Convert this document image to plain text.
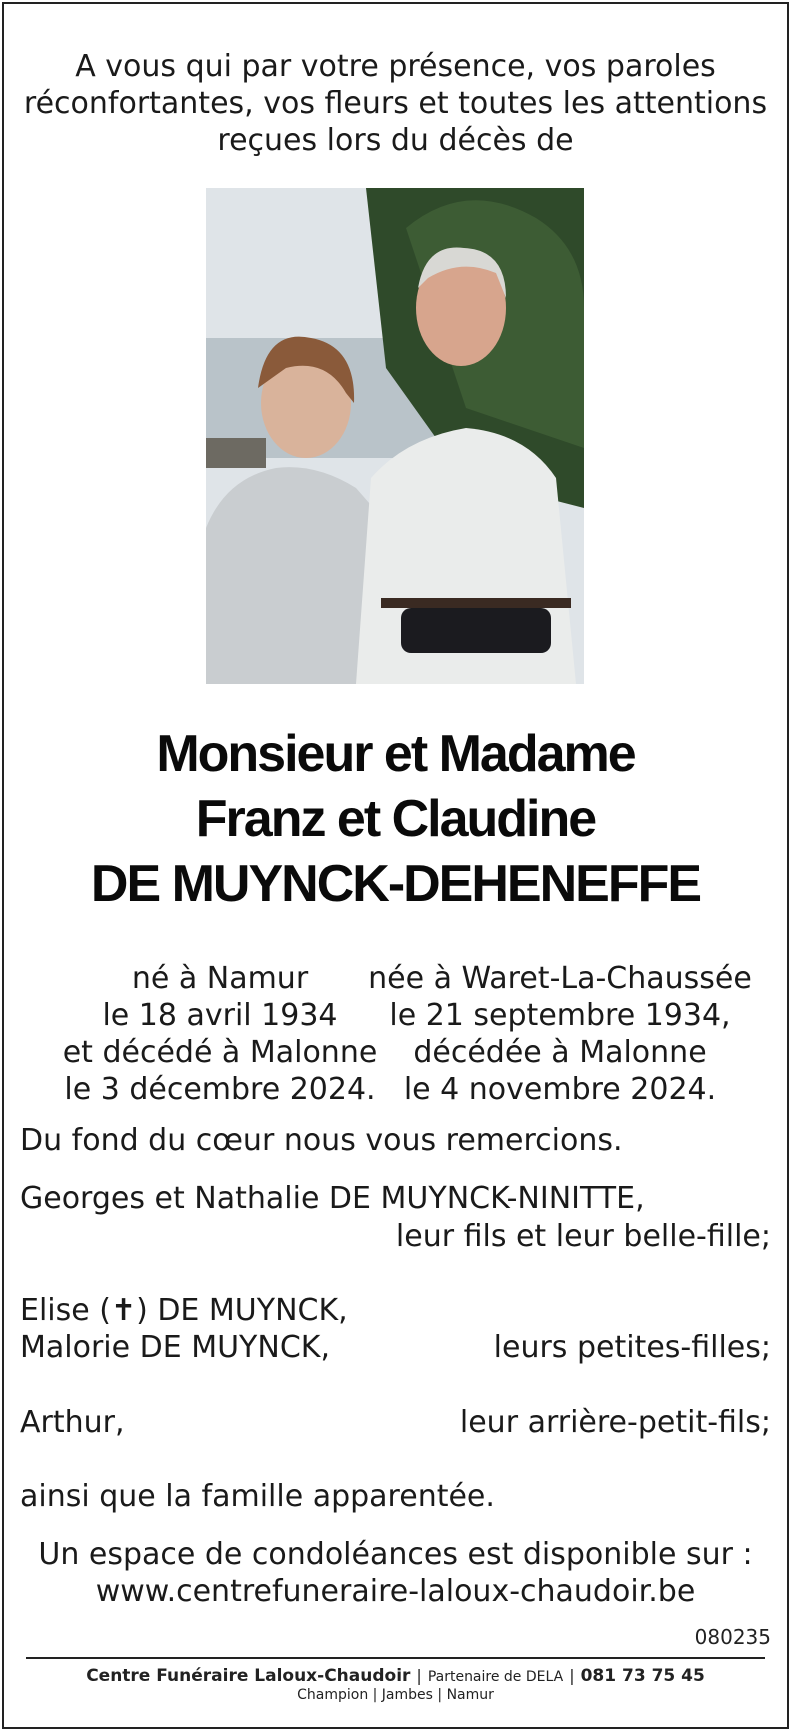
A vous qui par votre présence, vos paroles
réconfortantes, vos fleurs et toutes les attentions
reçues lors du décès de
Monsieur et Madame
Franz et Claudine
DE MUYNCK-DEHENEFFE
né à Namur
le 18 avril 1934
et décédé à Malonne
le 3 décembre 2024.
née à Waret-La-Chaussée
le 21 septembre 1934,
décédée à Malonne
le 4 novembre 2024.
Du fond du cœur nous vous remercions.
Georges et Nathalie DE MUYNCK-NINITTE,
leur fils et leur belle-fille;
Elise (✝) DE MUYNCK,
Malorie DE MUYNCK,	leurs petites-filles;
Arthur,	leur arrière-petit-fils;
ainsi que la famille apparentée.
Un espace de condoléances est disponible sur :
www.centrefuneraire-laloux-chaudoir.be
080235
Centre Funéraire Laloux-Chaudoir | Partenaire de DELA | 081 73 75 45
Champion | Jambes | Namur
